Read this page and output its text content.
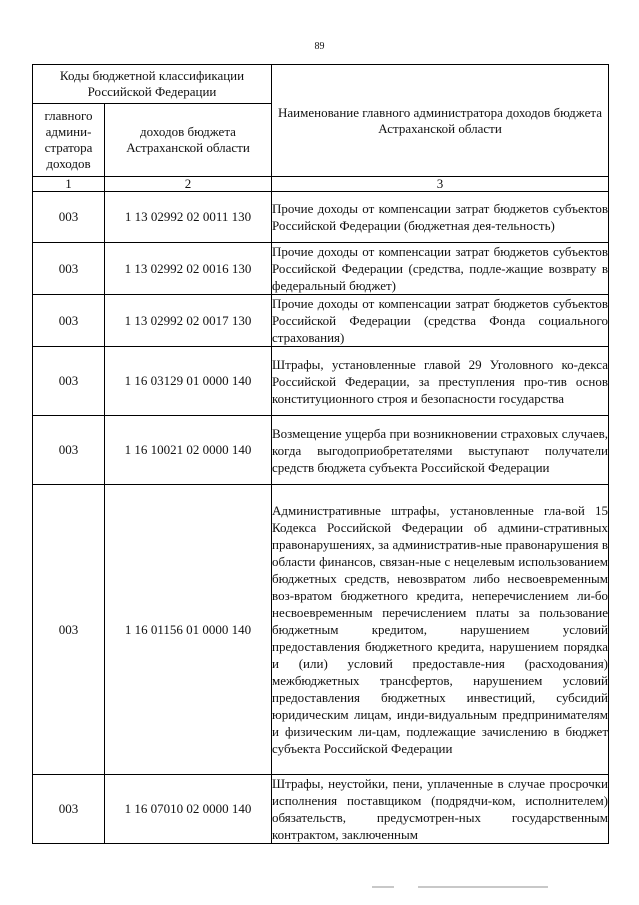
89
Коды бюджетной классификации Российской Федерации		Наименование главного администратора доходов бюджета Астраханской области
главного админи-стратора доходов	доходов бюджета Астраханской области	
1	2	3
003	1 13 02992 02 0011 130	Прочие доходы от компенсации затрат бюджетов субъектов Российской Федерации (бюджетная дея-тельность)
003	1 13 02992 02 0016 130	Прочие доходы от компенсации затрат бюджетов субъектов Российской Федерации (средства, подле-жащие возврату в федеральный бюджет)
003	1 13 02992 02 0017 130	Прочие доходы от компенсации затрат бюджетов субъектов Российской Федерации (средства Фонда социального страхования)
003	1 16 03129 01 0000 140	Штрафы, установленные главой 29 Уголовного ко-декса Российской Федерации, за преступления про-тив основ конституционного строя и безопасности государства
003	1 16 10021 02 0000 140	Возмещение ущерба при возникновении страховых случаев, когда выгодоприобретателями выступают получатели средств бюджета субъекта Российской Федерации
003	1 16 01156 01 0000 140	Административные штрафы, установленные гла-вой 15 Кодекса Российской Федерации об админи-стративных правонарушениях, за административ-ные правонарушения в области финансов, связан-ные с нецелевым использованием бюджетных средств, невозвратом либо несвоевременным воз-вратом бюджетного кредита, неперечислением ли-бо несвоевременным перечислением платы за пользование бюджетным кредитом, нарушением условий предоставления бюджетного кредита, нарушением порядка и (или) условий предоставле-ния (расходования) межбюджетных трансфертов, нарушением условий предоставления бюджетных инвестиций, субсидий юридическим лицам, инди-видуальным предпринимателям и физическим ли-цам, подлежащие зачислению в бюджет субъекта Российской Федерации
003	1 16 07010 02 0000 140	Штрафы, неустойки, пени, уплаченные в случае просрочки исполнения поставщиком (подрядчи-ком, исполнителем) обязательств, предусмотрен-ных государственным контрактом, заключенным
